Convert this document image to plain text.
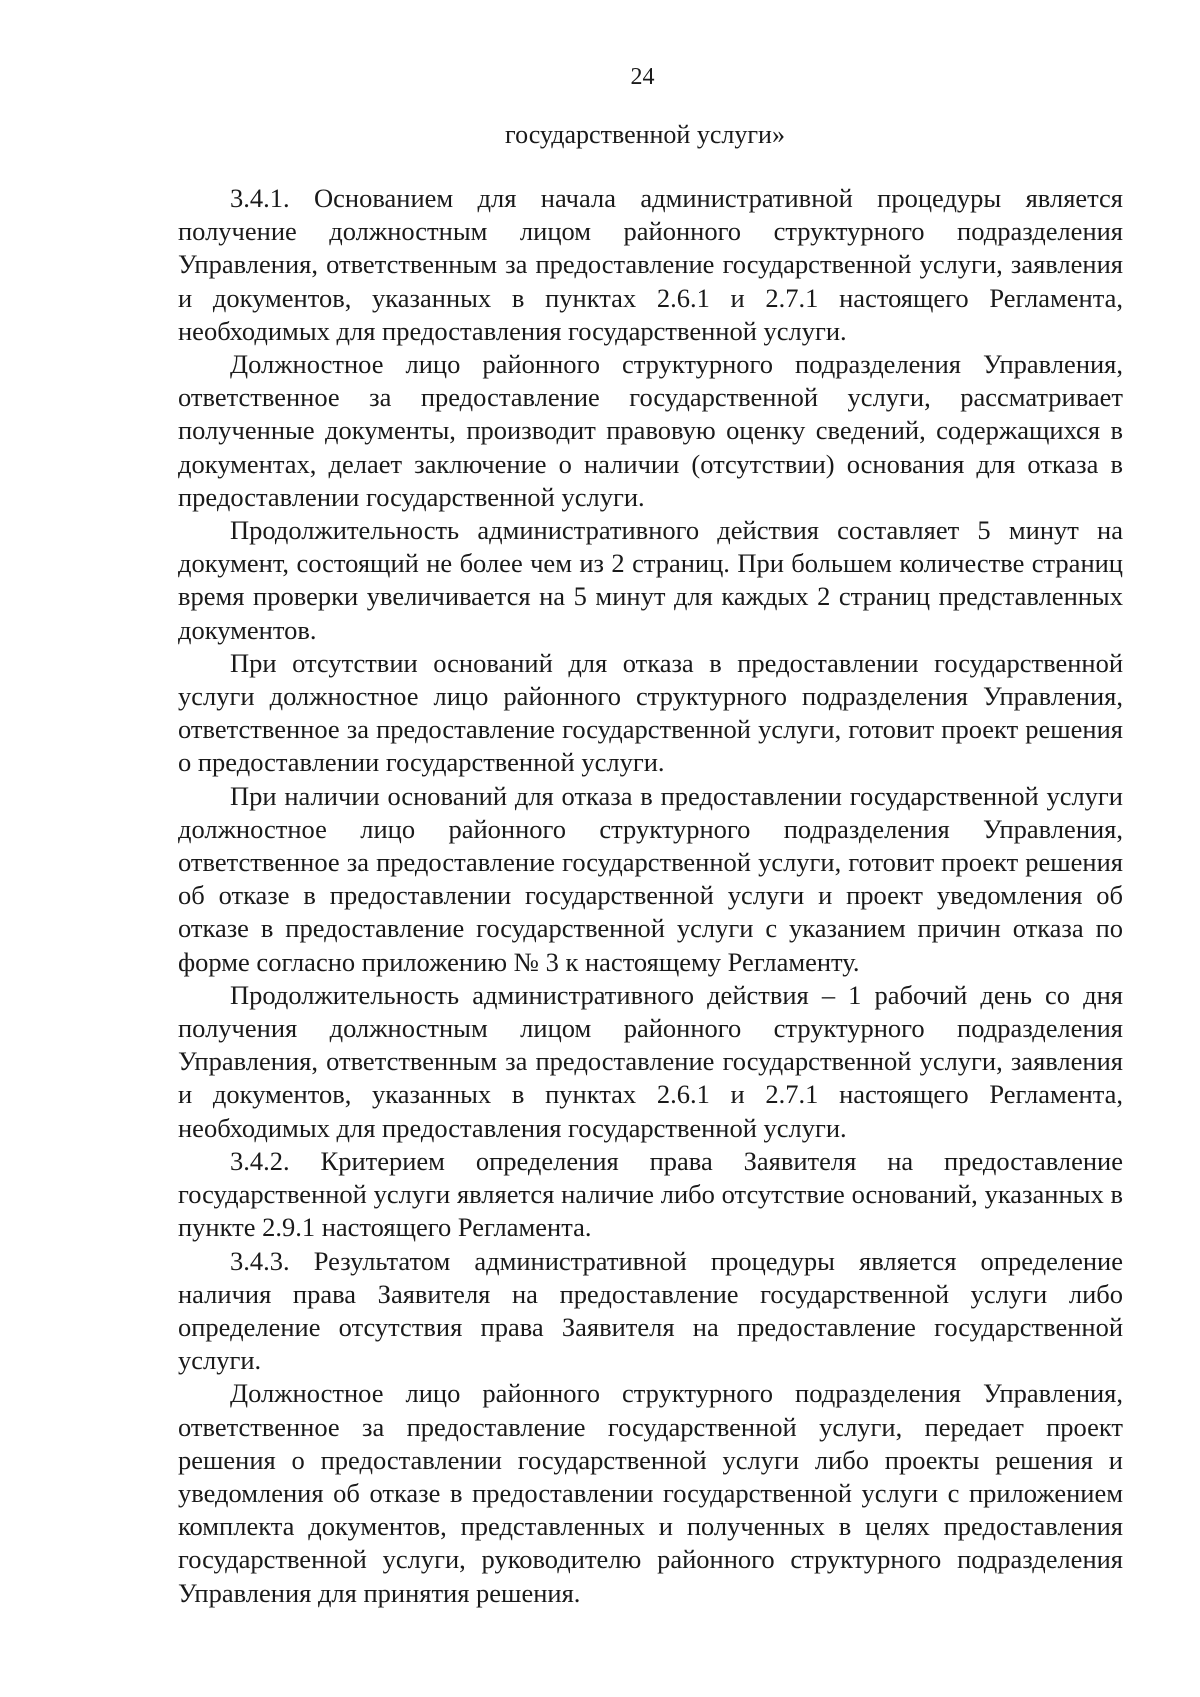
24
государственной услуги»

3.4.1. Основанием для начала административной процедуры является получение должностным лицом районного структурного подразделения Управления, ответственным за предоставление государственной услуги, заявления и документов, указанных в пунктах 2.6.1 и 2.7.1 настоящего Регламента, необходимых для предоставления государственной услуги.

Должностное лицо районного структурного подразделения Управления, ответственное за предоставление государственной услуги, рассматривает полученные документы, производит правовую оценку сведений, содержащихся в документах, делает заключение о наличии (отсутствии) основания для отказа в предоставлении государственной услуги.

Продолжительность административного действия составляет 5 минут на документ, состоящий не более чем из 2 страниц. При большем количестве страниц время проверки увеличивается на 5 минут для каждых 2 страниц представленных документов.

При отсутствии оснований для отказа в предоставлении государственной услуги должностное лицо районного структурного подразделения Управления, ответственное за предоставление государственной услуги, готовит проект решения о предоставлении государственной услуги.

При наличии оснований для отказа в предоставлении государственной услуги должностное лицо районного структурного подразделения Управления, ответственное за предоставление государственной услуги, готовит проект решения об отказе в предоставлении государственной услуги и проект уведомления об отказе в предоставление государственной услуги с указанием причин отказа по форме согласно приложению № 3 к настоящему Регламенту.

Продолжительность административного действия – 1 рабочий день со дня получения должностным лицом районного структурного подразделения Управления, ответственным за предоставление государственной услуги, заявления и документов, указанных в пунктах 2.6.1 и 2.7.1 настоящего Регламента, необходимых для предоставления государственной услуги.

3.4.2. Критерием определения права Заявителя на предоставление государственной услуги является наличие либо отсутствие оснований, указанных в пункте 2.9.1 настоящего Регламента.

3.4.3. Результатом административной процедуры является определение наличия права Заявителя на предоставление государственной услуги либо определение отсутствия права Заявителя на предоставление государственной услуги.

Должностное лицо районного структурного подразделения Управления, ответственное за предоставление государственной услуги, передает проект решения о предоставлении государственной услуги либо проекты решения и уведомления об отказе в предоставлении государственной услуги с приложением комплекта документов, представленных и полученных в целях предоставления государственной услуги, руководителю районного структурного подразделения Управления для принятия решения.
